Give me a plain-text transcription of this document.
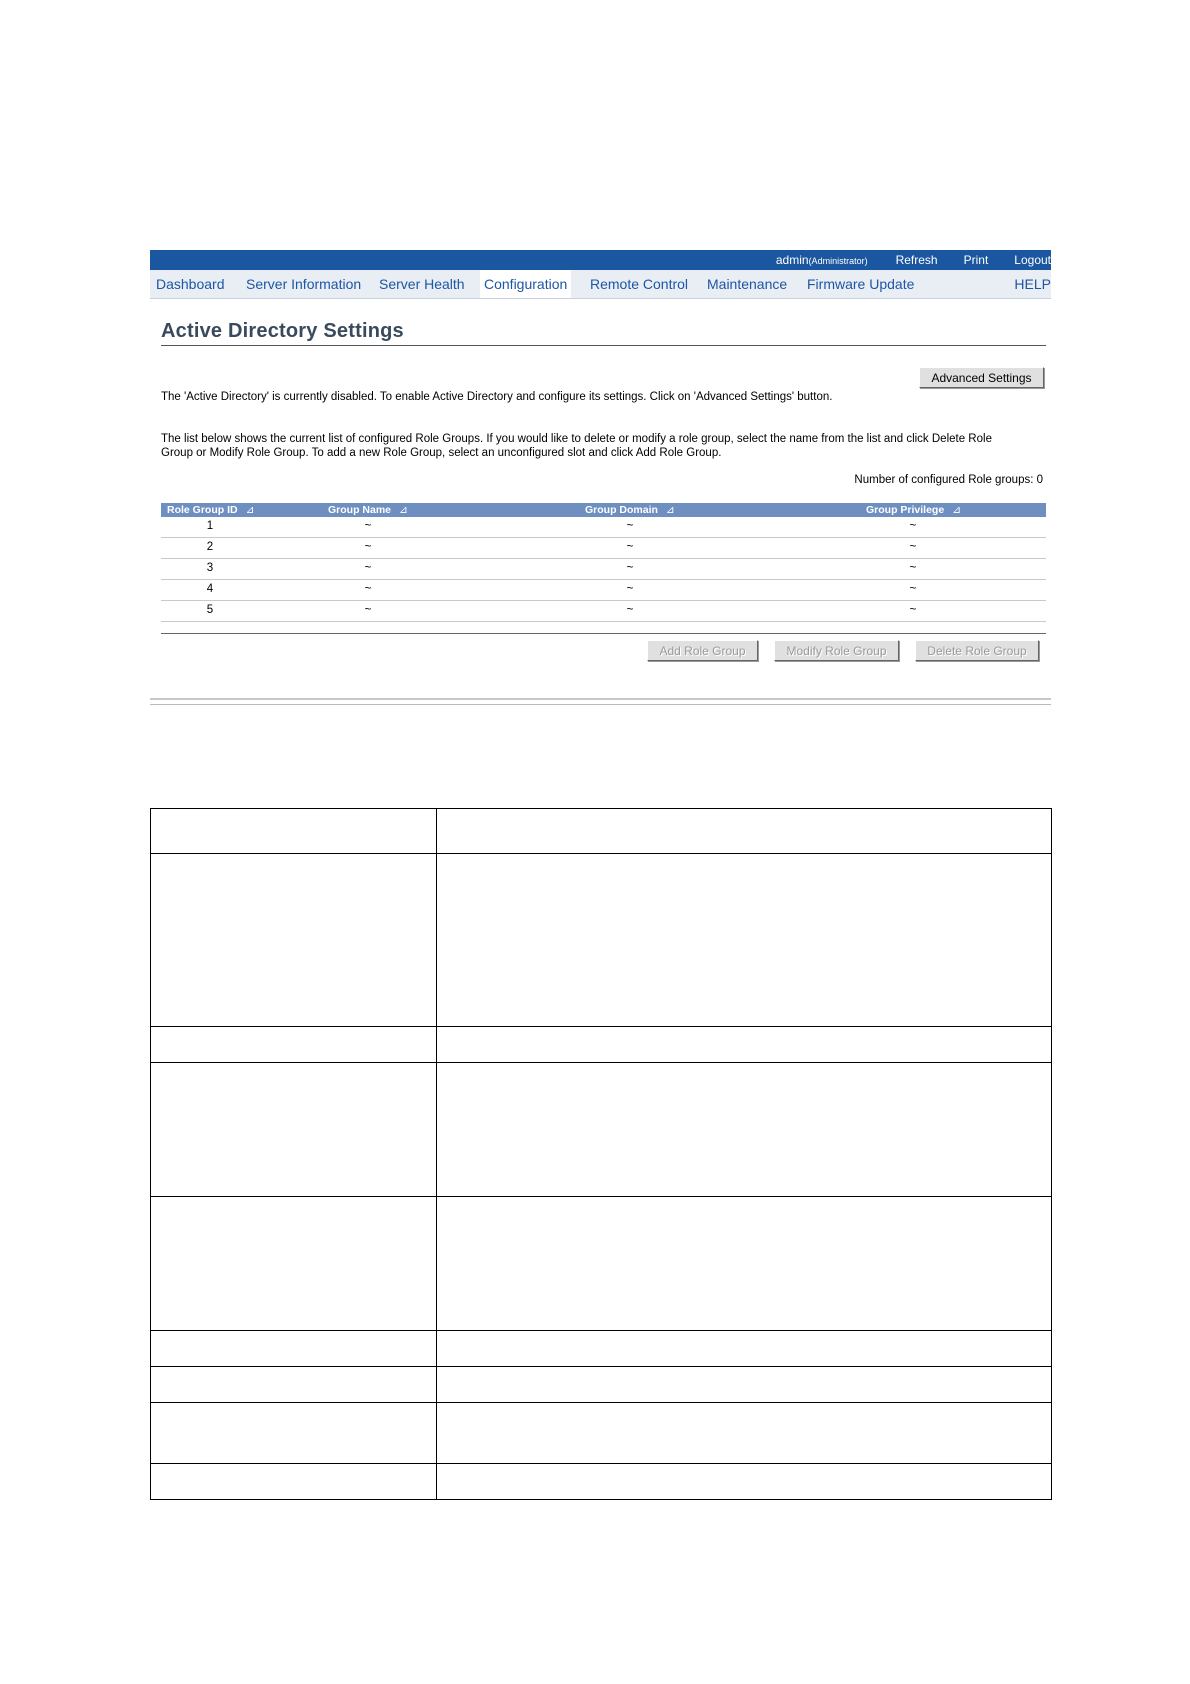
admin(Administrator) Refresh Print Logout
Dashboard Server Information Server Health Configuration Remote Control Maintenance Firmware Update	HELP
Active Directory Settings
Advanced Settings
The 'Active Directory' is currently disabled. To enable Active Directory and configure its settings. Click on 'Advanced Settings' button.
The list below shows the current list of configured Role Groups. If you would like to delete or modify a role group, select the name from the list and click Delete Role
Group or Modify Role Group. To add a new Role Group, select an unconfigured slot and click Add Role Group.
Number of configured Role groups: 0
Role Group ID ⊿	Group Name ⊿	Group Domain ⊿	Group Privilege ⊿
1	~	~	~
2	~	~	~
3	~	~	~
4	~	~	~
5	~	~	~
Add Role Group	Modify Role Group	Delete Role Group
